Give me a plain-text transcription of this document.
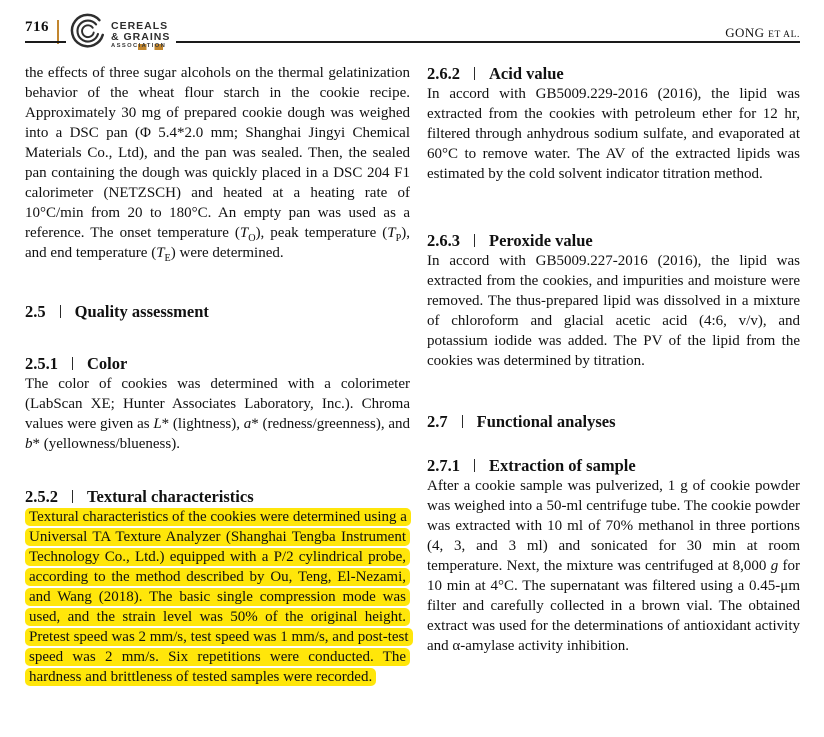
716	CEREALS
& GRAINS
ASSOCIATION
GONG ET AL.

the effects of three sugar alcohols on the thermal gelatinization behavior of the wheat flour starch in the cookie recipe. Approximately 30 mg of prepared cookie dough was weighed into a DSC pan (Φ 5.4*2.0 mm; Shanghai Jingyi Chemical Materials Co., Ltd), and the pan was sealed. Then, the sealed pan containing the dough was quickly placed in a DSC 204 F1 calorimeter (NETZSCH) and heated at a heating rate of 10°C/min from 20 to 180°C. An empty pan was used as a reference. The onset temperature $(T_O)$, peak temperature $(T_P)$, and end temperature $(T_E)$ were determined.

2.5 Quality assessment
2.5.1 Color

The color of cookies was determined with a colorimeter (LabScan XE; Hunter Associates Laboratory, Inc.). Chroma values were given as L* (lightness), a* (redness/greenness), and b* (yellowness/blueness).

2.5.2 Textural characteristics

Textural characteristics of the cookies were determined using a Universal TA Texture Analyzer (Shanghai Tengba Instrument Technology Co., Ltd.) equipped with a P/2 cylindrical probe, according to the method described by Ou, Teng, El-Nezami, and Wang (2018). The basic single compression mode was used, and the strain level was 50% of the original height. Pretest speed was 2 mm/s, test speed was 1 mm/s, and post-test speed was 2 mm/s. Six repetitions were conducted. The hardness and brittleness of tested samples were recorded.

2.6.2 Acid value

In accord with GB5009.229-2016 (2016), the lipid was extracted from the cookies with petroleum ether for 12 hr, filtered through anhydrous sodium sulfate, and evaporated at 60°C to remove water. The AV of the extracted lipids was estimated by the cold solvent indicator titration method.

2.6.3 Peroxide value

In accord with GB5009.227-2016 (2016), the lipid was extracted from the cookies, and impurities and moisture were removed. The thus-prepared lipid was dissolved in a mixture of chloroform and glacial acetic acid (4:6, v/v), and potassium iodide was added. The PV of the lipid from the cookies was determined by titration.

2.7 Functional analyses
2.7.1 Extraction of sample

After a cookie sample was pulverized, 1 g of cookie powder was weighed into a 50-ml centrifuge tube. The cookie powder was extracted with 10 ml of 70% methanol in three portions (4, 3, and 3 ml) and sonicated for 30 min at room temperature. Next, the mixture was centrifuged at 8,000 g for 10 min at 4°C. The supernatant was filtered using a 0.45-μm filter and carefully collected in a brown vial. The obtained extract was used for the determinations of antioxidant activity and α-amylase activity inhibition.
